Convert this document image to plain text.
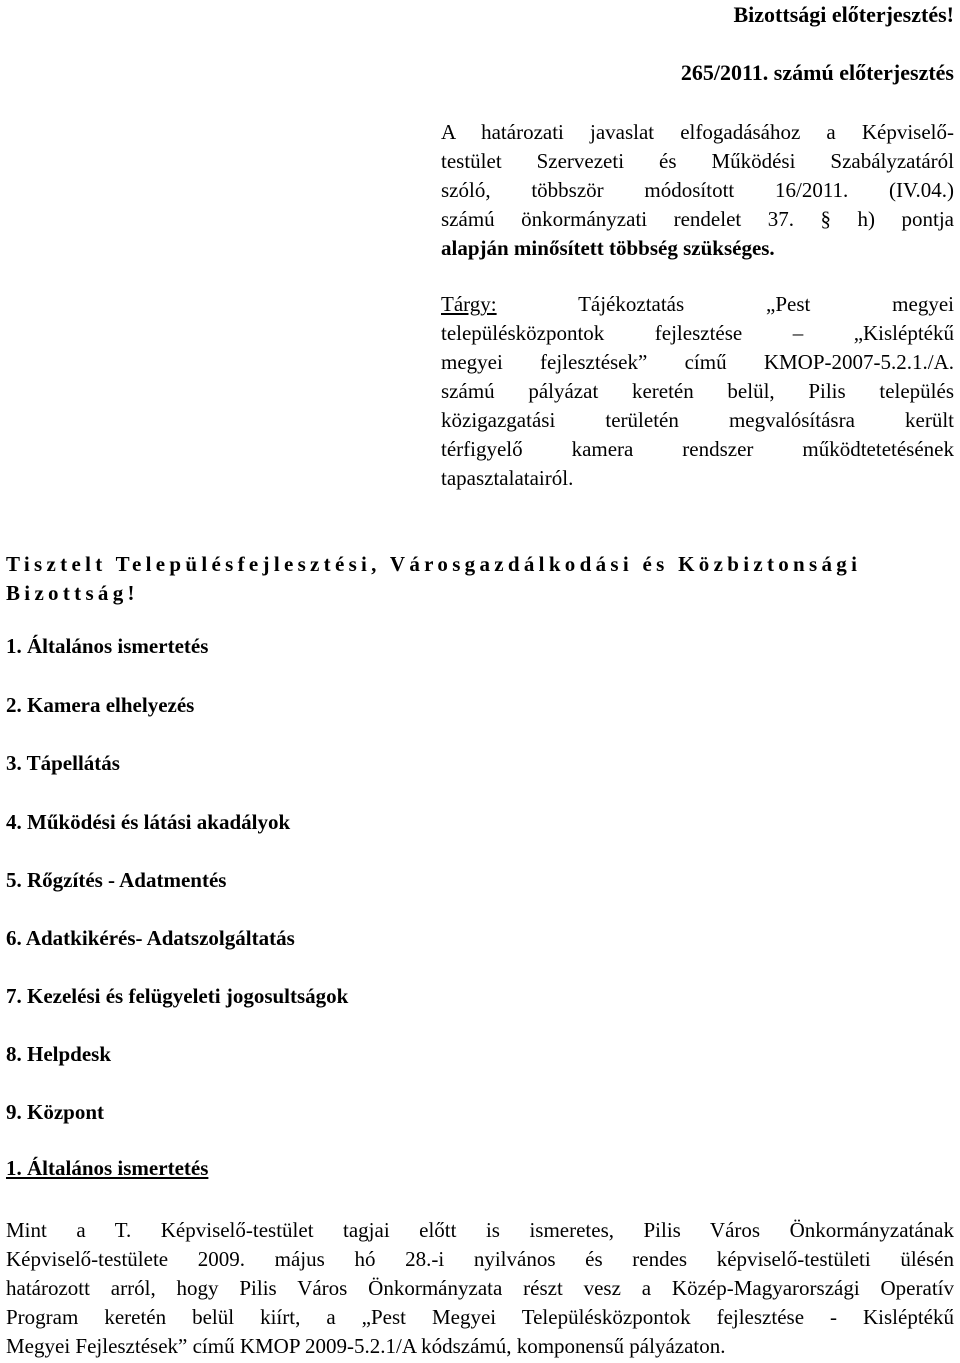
Bizottsági előterjesztés!
265/2011. számú előterjesztés
A határozati javaslat elfogadásához a Képviselő-
testület Szervezeti és Működési Szabályzatáról
szóló, többször módosított 16/2011. (IV.04.)
számú önkormányzati rendelet 37. § h) pontja
alapján minősített többség szükséges.
Tárgy: Tájékoztatás „Pest megyei
településközpontok fejlesztése – „Kisléptékű
megyei fejlesztések” című KMOP-2007-5.2.1./A.
számú pályázat keretén belül, Pilis település
közigazgatási területén megvalósításra került
térfigyelő kamera rendszer működtetetésének
tapasztalatairól.
Tisztelt Településfejlesztési, Városgazdálkodási és Közbiztonsági Bizottság!
1. Általános ismertetés
2. Kamera elhelyezés
3. Tápellátás
4. Működési és látási akadályok
5. Rőgzítés - Adatmentés
6. Adatkikérés- Adatszolgáltatás
7. Kezelési és felügyeleti jogosultságok
8. Helpdesk
9. Központ
1. Általános ismertetés
Mint a T. Képviselő-testület tagjai előtt is ismeretes, Pilis Város Önkormányzatának
Képviselő-testülete 2009. május hó 28.-i nyilvános és rendes képviselő-testületi ülésén
határozott arról, hogy Pilis Város Önkormányzata részt vesz a Közép-Magyarországi Operatív
Program keretén belül kiírt, a „Pest Megyei Településközpontok fejlesztése - Kisléptékű
Megyei Fejlesztések” című KMOP 2009-5.2.1/A kódszámú, komponensű pályázaton.
